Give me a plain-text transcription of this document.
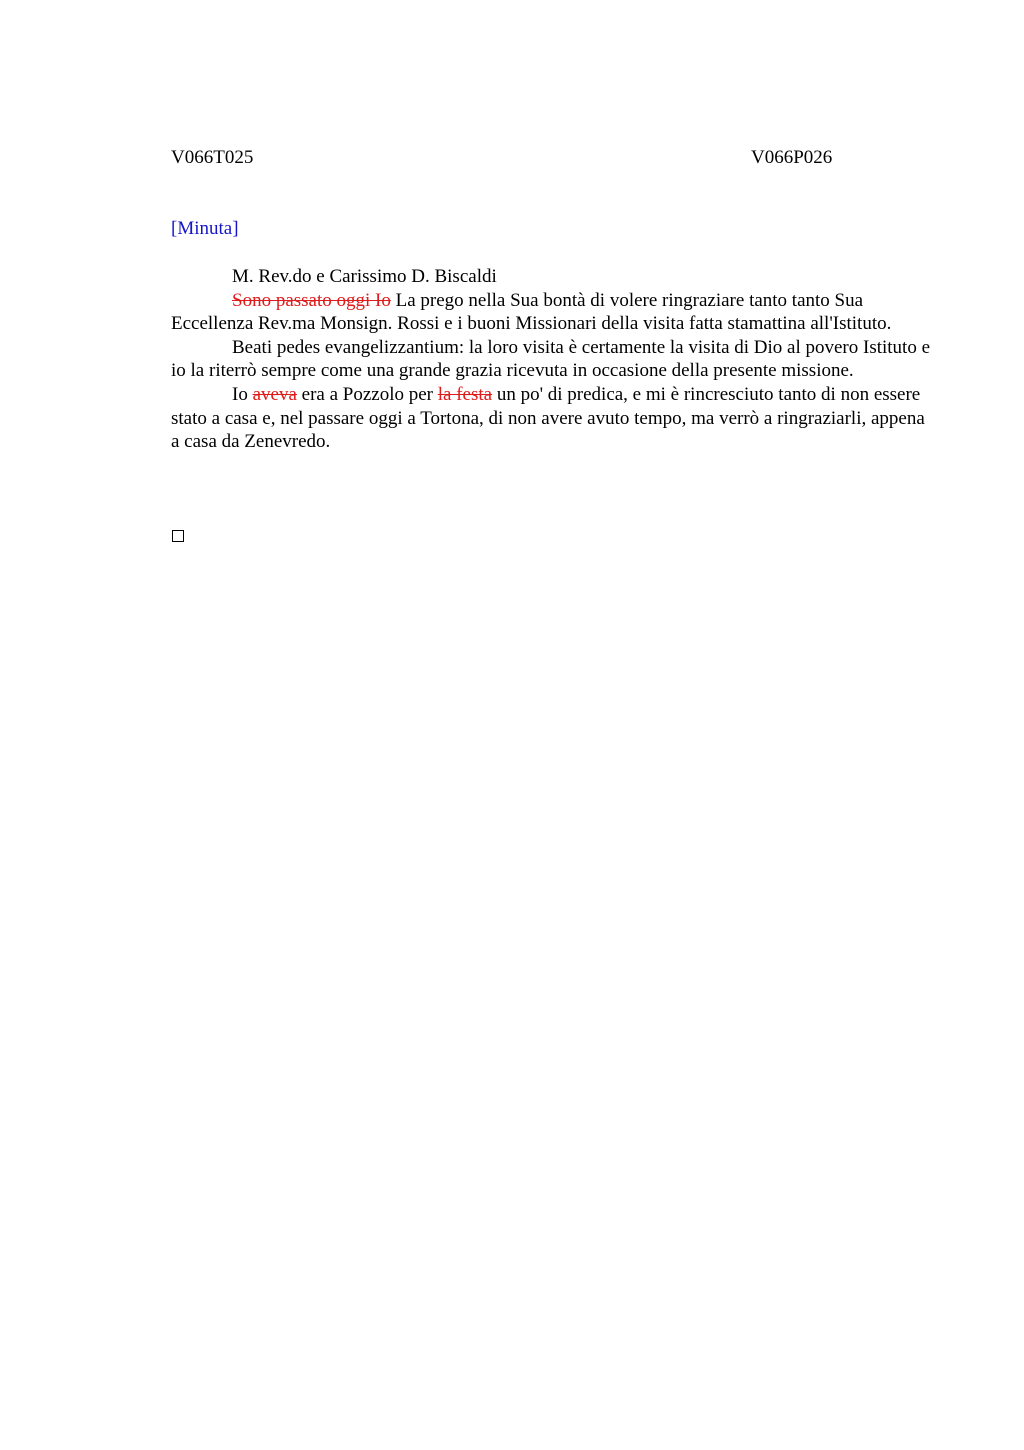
V066T025	V066P026
[Minuta]

M. Rev.do e Carissimo D. Biscaldi

Sono passato oggi Io La prego nella Sua bontà di volere ringraziare tanto tanto Sua Eccellenza Rev.ma Monsign. Rossi e i buoni Missionari della visita fatta stamattina all'Istituto.

Beati pedes evangelizzantium: la loro visita è certamente la visita di Dio al povero Istituto e io la riterrò sempre come una grande grazia ricevuta in occasione della presente missione.

Io aveva era a Pozzolo per la festa un po' di predica, e mi è rincresciuto tanto di non essere stato a casa e, nel passare oggi a Tortona, di non avere avuto tempo, ma verrò a ringraziarli, appena a casa da Zenevredo.
